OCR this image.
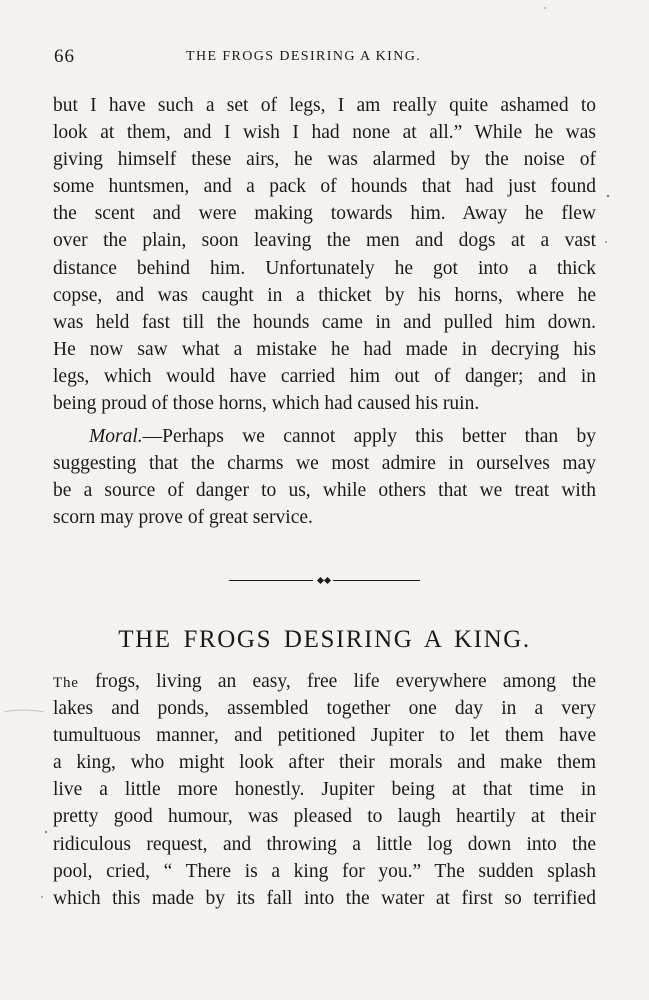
66	THE FROGS DESIRING A KING.
but I have such a set of legs, I am really quite ashamed to
look at them, and I wish I had none at all.” While he was
giving himself these airs, he was alarmed by the noise of
some huntsmen, and a pack of hounds that had just found
the scent and were making towards him. Away he flew
over the plain, soon leaving the men and dogs at a vast
distance behind him. Unfortunately he got into a thick
copse, and was caught in a thicket by his horns, where he
was held fast till the hounds came in and pulled him down.
He now saw what a mistake he had made in decrying his
legs, which would have carried him out of danger; and in
being proud of those horns, which had caused his ruin.
Moral.—Perhaps we cannot apply this better than by
suggesting that the charms we most admire in ourselves may
be a source of danger to us, while others that we treat with
scorn may prove of great service.
THE FROGS DESIRING A KING.
The frogs, living an easy, free life everywhere among the
lakes and ponds, assembled together one day in a very
tumultuous manner, and petitioned Jupiter to let them have
a king, who might look after their morals and make them
live a little more honestly. Jupiter being at that time in
pretty good humour, was pleased to laugh heartily at their
ridiculous request, and throwing a little log down into the
pool, cried, “ There is a king for you.” The sudden splash
which this made by its fall into the water at first so terrified
